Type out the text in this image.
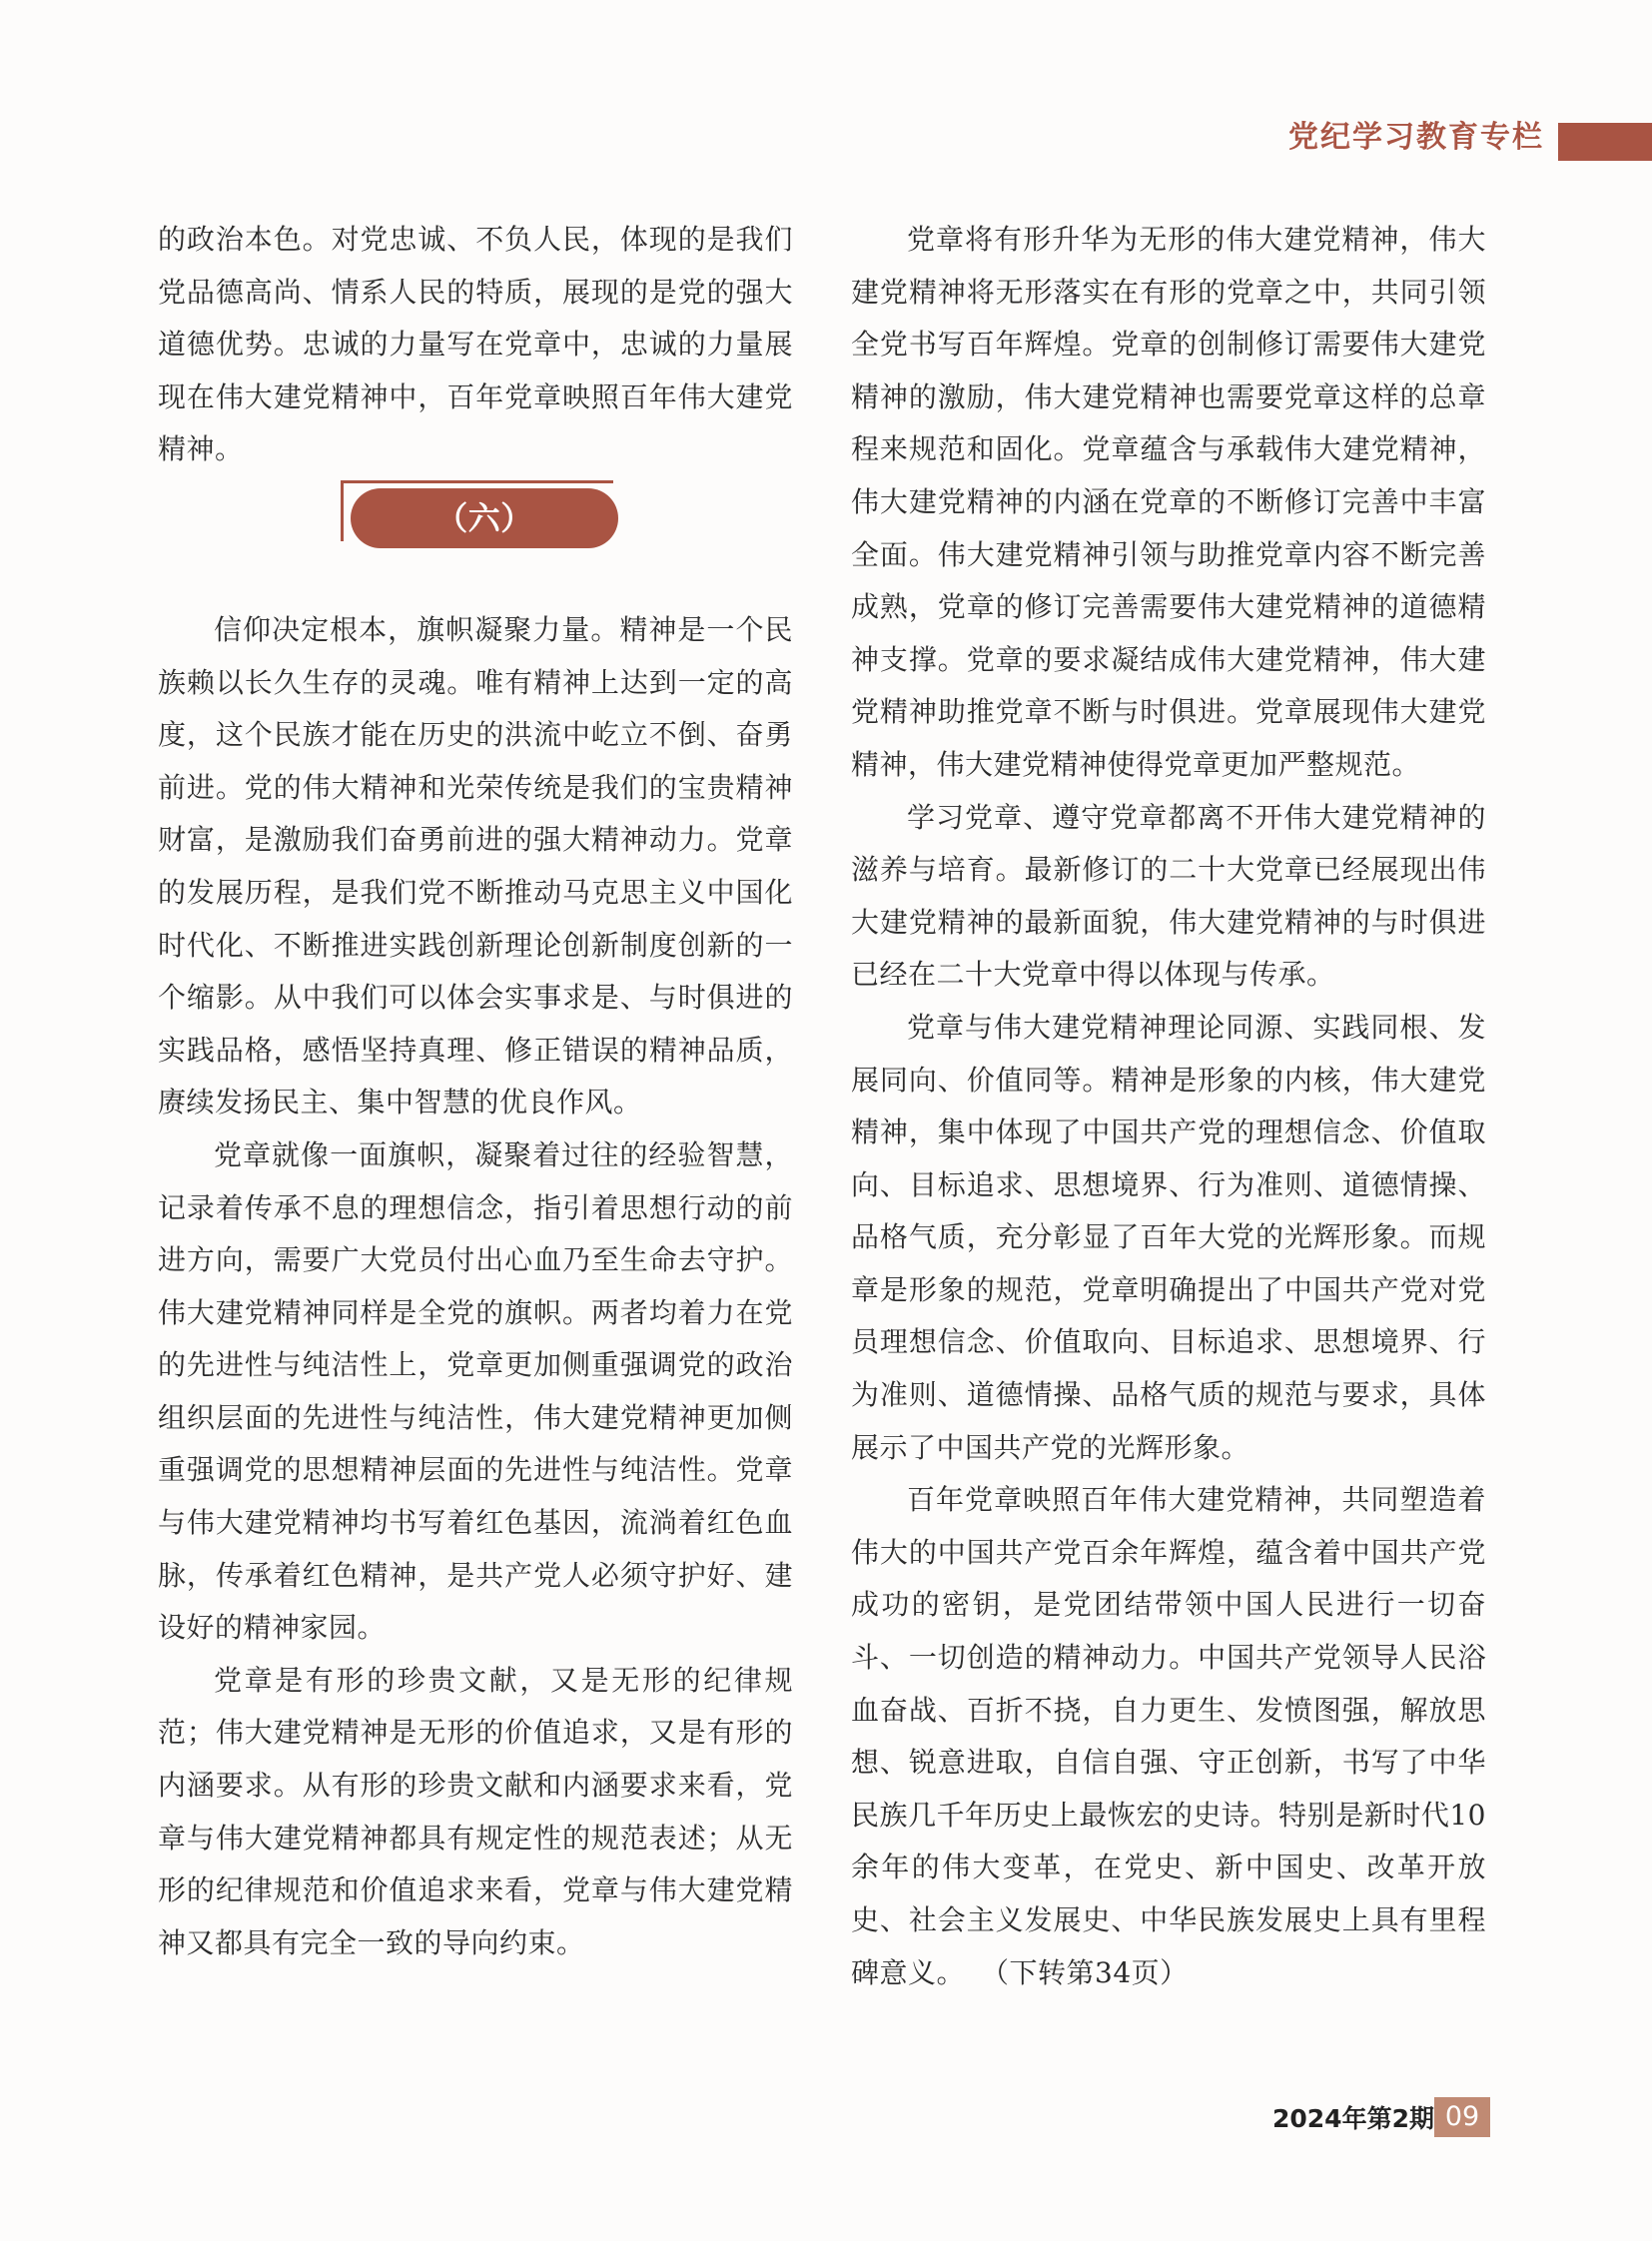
党纪学习教育专栏

的政治本色。对党忠诚、不负人民，体现的是我们党品德高尚、情系人民的特质，展现的是党的强大道德优势。忠诚的力量写在党章中，忠诚的力量展现在伟大建党精神中，百年党章映照百年伟大建党精神。

（六）

信仰决定根本，旗帜凝聚力量。精神是一个民族赖以长久生存的灵魂。唯有精神上达到一定的高度，这个民族才能在历史的洪流中屹立不倒、奋勇前进。党的伟大精神和光荣传统是我们的宝贵精神财富，是激励我们奋勇前进的强大精神动力。党章的发展历程，是我们党不断推动马克思主义中国化时代化、不断推进实践创新理论创新制度创新的一个缩影。从中我们可以体会实事求是、与时俱进的实践品格，感悟坚持真理、修正错误的精神品质，赓续发扬民主、集中智慧的优良作风。

党章就像一面旗帜，凝聚着过往的经验智慧，记录着传承不息的理想信念，指引着思想行动的前进方向，需要广大党员付出心血乃至生命去守护。伟大建党精神同样是全党的旗帜。两者均着力在党的先进性与纯洁性上，党章更加侧重强调党的政治组织层面的先进性与纯洁性，伟大建党精神更加侧重强调党的思想精神层面的先进性与纯洁性。党章与伟大建党精神均书写着红色基因，流淌着红色血脉，传承着红色精神，是共产党人必须守护好、建设好的精神家园。

党章是有形的珍贵文献，又是无形的纪律规范；伟大建党精神是无形的价值追求，又是有形的内涵要求。从有形的珍贵文献和内涵要求来看，党章与伟大建党精神都具有规定性的规范表述；从无形的纪律规范和价值追求来看，党章与伟大建党精神又都具有完全一致的导向约束。

党章将有形升华为无形的伟大建党精神，伟大建党精神将无形落实在有形的党章之中，共同引领全党书写百年辉煌。党章的创制修订需要伟大建党精神的激励，伟大建党精神也需要党章这样的总章程来规范和固化。党章蕴含与承载伟大建党精神，伟大建党精神的内涵在党章的不断修订完善中丰富全面。伟大建党精神引领与助推党章内容不断完善成熟，党章的修订完善需要伟大建党精神的道德精神支撑。党章的要求凝结成伟大建党精神，伟大建党精神助推党章不断与时俱进。党章展现伟大建党精神，伟大建党精神使得党章更加严整规范。

学习党章、遵守党章都离不开伟大建党精神的滋养与培育。最新修订的二十大党章已经展现出伟大建党精神的最新面貌，伟大建党精神的与时俱进已经在二十大党章中得以体现与传承。

党章与伟大建党精神理论同源、实践同根、发展同向、价值同等。精神是形象的内核，伟大建党精神，集中体现了中国共产党的理想信念、价值取向、目标追求、思想境界、行为准则、道德情操、品格气质，充分彰显了百年大党的光辉形象。而规章是形象的规范，党章明确提出了中国共产党对党员理想信念、价值取向、目标追求、思想境界、行为准则、道德情操、品格气质的规范与要求，具体展示了中国共产党的光辉形象。

百年党章映照百年伟大建党精神，共同塑造着伟大的中国共产党百余年辉煌，蕴含着中国共产党成功的密钥，是党团结带领中国人民进行一切奋斗、一切创造的精神动力。中国共产党领导人民浴血奋战、百折不挠，自力更生、发愤图强，解放思想、锐意进取，自信自强、守正创新，书写了中华民族几千年历史上最恢宏的史诗。特别是新时代10余年的伟大变革，在党史、新中国史、改革开放史、社会主义发展史、中华民族发展史上具有里程碑意义。 （下转第34页）

2024年第2期 09
